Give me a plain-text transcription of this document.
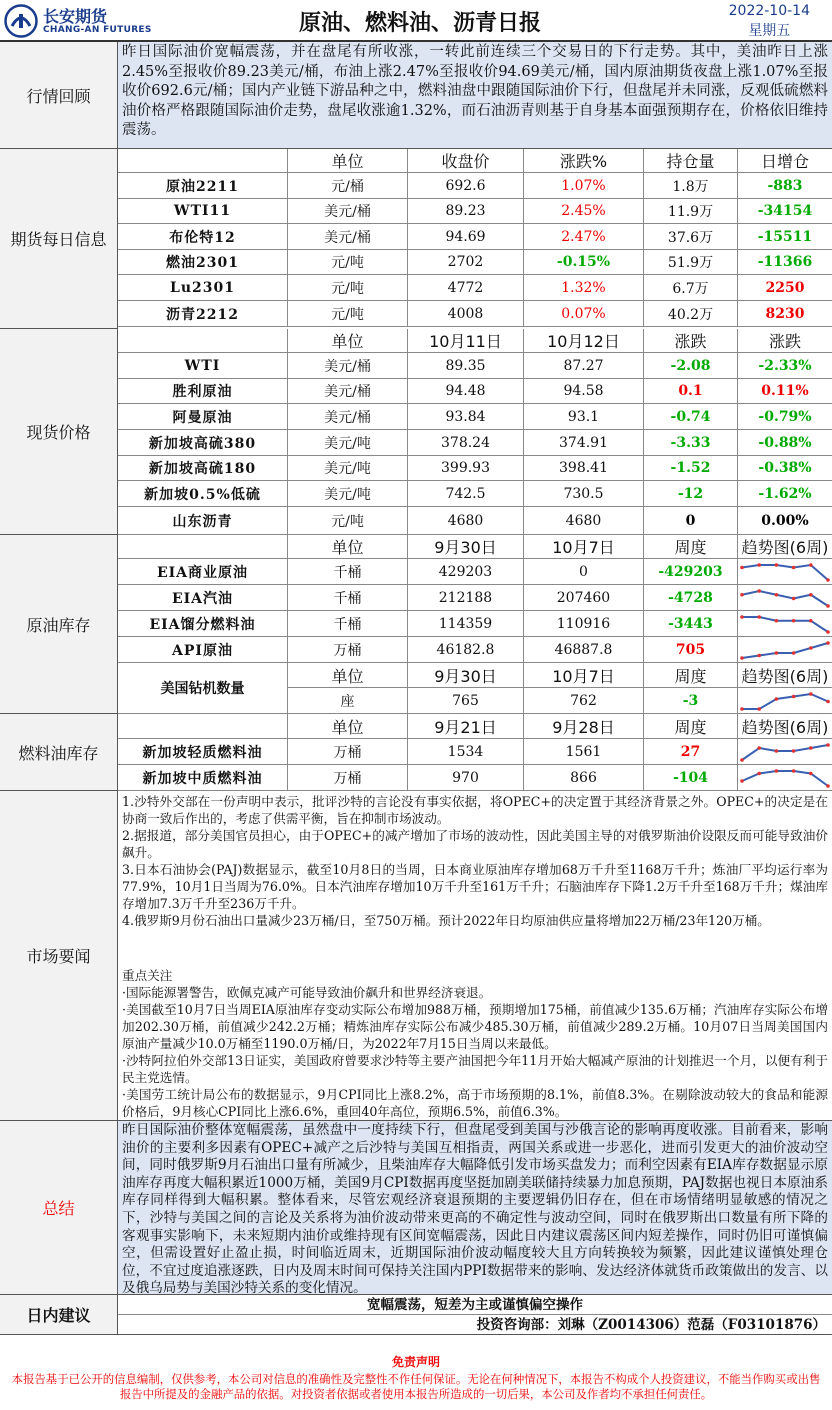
长安期货
CHANG-AN FUTURES	原油、燃料油、沥青日报	2022-10-14
星期五
行情回顾
昨日国际油价宽幅震荡，并在盘尾有所收涨，一转此前连续三个交易日的下行走势。其中，美油昨日上涨2.45%至报收价89.23美元/桶，布油上涨2.47%至报收价94.69美元/桶，国内原油期货夜盘上涨1.07%至报收价692.6元/桶；国内产业链下游品种之中，燃料油盘中跟随国际油价下行，但盘尾并未同涨，反观低硫燃料油价格严格跟随国际油价走势，盘尾收涨逾1.32%，而石油沥青则基于自身基本面强预期存在，价格依旧维持震荡。
期货每日信息
单位	收盘价	涨跌%	持仓量	日增仓
原油2211	元/桶	692.6	1.07%	1.8万	-883
WTI11	美元/桶	89.23	2.45%	11.9万	-34154
布伦特12	美元/桶	94.69	2.47%	37.6万	-15511
燃油2301	元/吨	2702	-0.15%	51.9万	-11366
Lu2301	元/吨	4772	1.32%	6.7万	2250
沥青2212	元/吨	4008	0.07%	40.2万	8230
现货价格
单位	10月11日	10月12日	涨跌	涨跌
WTI	美元/桶	89.35	87.27	-2.08	-2.33%
胜利原油	美元/桶	94.48	94.58	0.1	0.11%
阿曼原油	美元/桶	93.84	93.1	-0.74	-0.79%
新加坡高硫380	美元/吨	378.24	374.91	-3.33	-0.88%
新加坡高硫180	美元/吨	399.93	398.41	-1.52	-0.38%
新加坡0.5%低硫	美元/吨	742.5	730.5	-12	-1.62%
山东沥青	元/吨	4680	4680	0	0.00%
原油库存
单位	9月30日	10月7日	周度	趋势图(6周)
EIA商业原油	千桶	429203	0	-429203
EIA汽油	千桶	212188	207460	-4728
EIA馏分燃料油	千桶	114359	110916	-3443
API原油	万桶	46182.8	46887.8	705
美国钻机数量
单位	9月30日	10月7日	周度	趋势图(6周)
座	765	762	-3
燃料油库存
单位	9月21日	9月28日	周度	趋势图(6周)
新加坡轻质燃料油	万桶	1534	1561	27
新加坡中质燃料油	万桶	970	866	-104
市场要闻

1.沙特外交部在一份声明中表示，批评沙特的言论没有事实依据，将OPEC+的决定置于其经济背景之外。OPEC+的决定是在协商一致后作出的，考虑了供需平衡，旨在抑制市场波动。

2.据报道，部分美国官员担心，由于OPEC+的减产增加了市场的波动性，因此美国主导的对俄罗斯油价设限反而可能导致油价飙升。

3.日本石油协会(PAJ)数据显示，截至10月8日的当周，日本商业原油库存增加68万千升至1168万千升；炼油厂平均运行率为77.9%，10月1日当周为76.0%。日本汽油库存增加10万千升至161万千升；石脑油库存下降1.2万千升至168万千升；煤油库存增加7.3万千升至236万千升。

4.俄罗斯9月份石油出口量减少23万桶/日，至750万桶。预计2022年日均原油供应量将增加22万桶/23年120万桶。

重点关注

·国际能源署警告，欧佩克减产可能导致油价飙升和世界经济衰退。

·美国截至10月7日当周EIA原油库存变动实际公布增加988万桶，预期增加175桶，前值减少135.6万桶；汽油库存实际公布增加202.30万桶，前值减少242.2万桶；精炼油库存实际公布减少485.30万桶，前值减少289.2万桶。10月07日当周美国国内原油产量减少10.0万桶至1190.0万桶/日，为2022年7月15日当周以来最低。

·沙特阿拉伯外交部13日证实，美国政府曾要求沙特等主要产油国把今年11月开始大幅减产原油的计划推迟一个月，以便有利于民主党选情。

·美国劳工统计局公布的数据显示，9月CPI同比上涨8.2%，高于市场预期的8.1%，前值8.3%。在剔除波动较大的食品和能源价格后，9月核心CPI同比上涨6.6%，重回40年高位，预期6.5%，前值6.3%。

总结
昨日国际油价整体宽幅震荡，虽然盘中一度持续下行，但盘尾受到美国与沙俄言论的影响再度收涨。目前看来，影响油价的主要利多因素有OPEC+减产之后沙特与美国互相指责，两国关系或进一步恶化，进而引发更大的油价波动空间，同时俄罗斯9月石油出口量有所减少，且柴油库存大幅降低引发市场买盘发力；而利空因素有EIA库存数据显示原油库存再度大幅积累近1000万桶，美国9月CPI数据再度坚挺加剧美联储持续暴力加息预期，PAJ数据也视日本原油系库存同样得到大幅积累。整体看来，尽管宏观经济衰退预期的主要逻辑仍旧存在，但在市场情绪明显敏感的情况之下，沙特与美国之间的言论及关系将为油价波动带来更高的不确定性与波动空间，同时在俄罗斯出口数量有所下降的客观事实影响下，未来短期内油价或维持现有区间宽幅震荡，因此日内建议震荡区间内短差操作，同时仍旧可谨慎偏空，但需设置好止盈止损，时间临近周末，近期国际油价波动幅度较大且方向转换较为频繁，因此建议谨慎处理仓位，不宜过度追涨逐跌，日内及周末时间可保持关注国内PPI数据带来的影响、发达经济体就货币政策做出的发言、以及俄乌局势与美国沙特关系的变化情况。
日内建议
宽幅震荡，短差为主或谨慎偏空操作
投资咨询部：刘琳（Z0014306）范磊（F03101876）
免责声明
本报告基于已公开的信息编制，仅供参考，本公司对信息的准确性及完整性不作任何保证。无论在何种情况下，本报告不构成个人投资建议，不能当作购买或出售报告中所提及的金融产品的依据。对投资者依据或者使用本报告所造成的一切后果，本公司及作者均不承担任何责任。
